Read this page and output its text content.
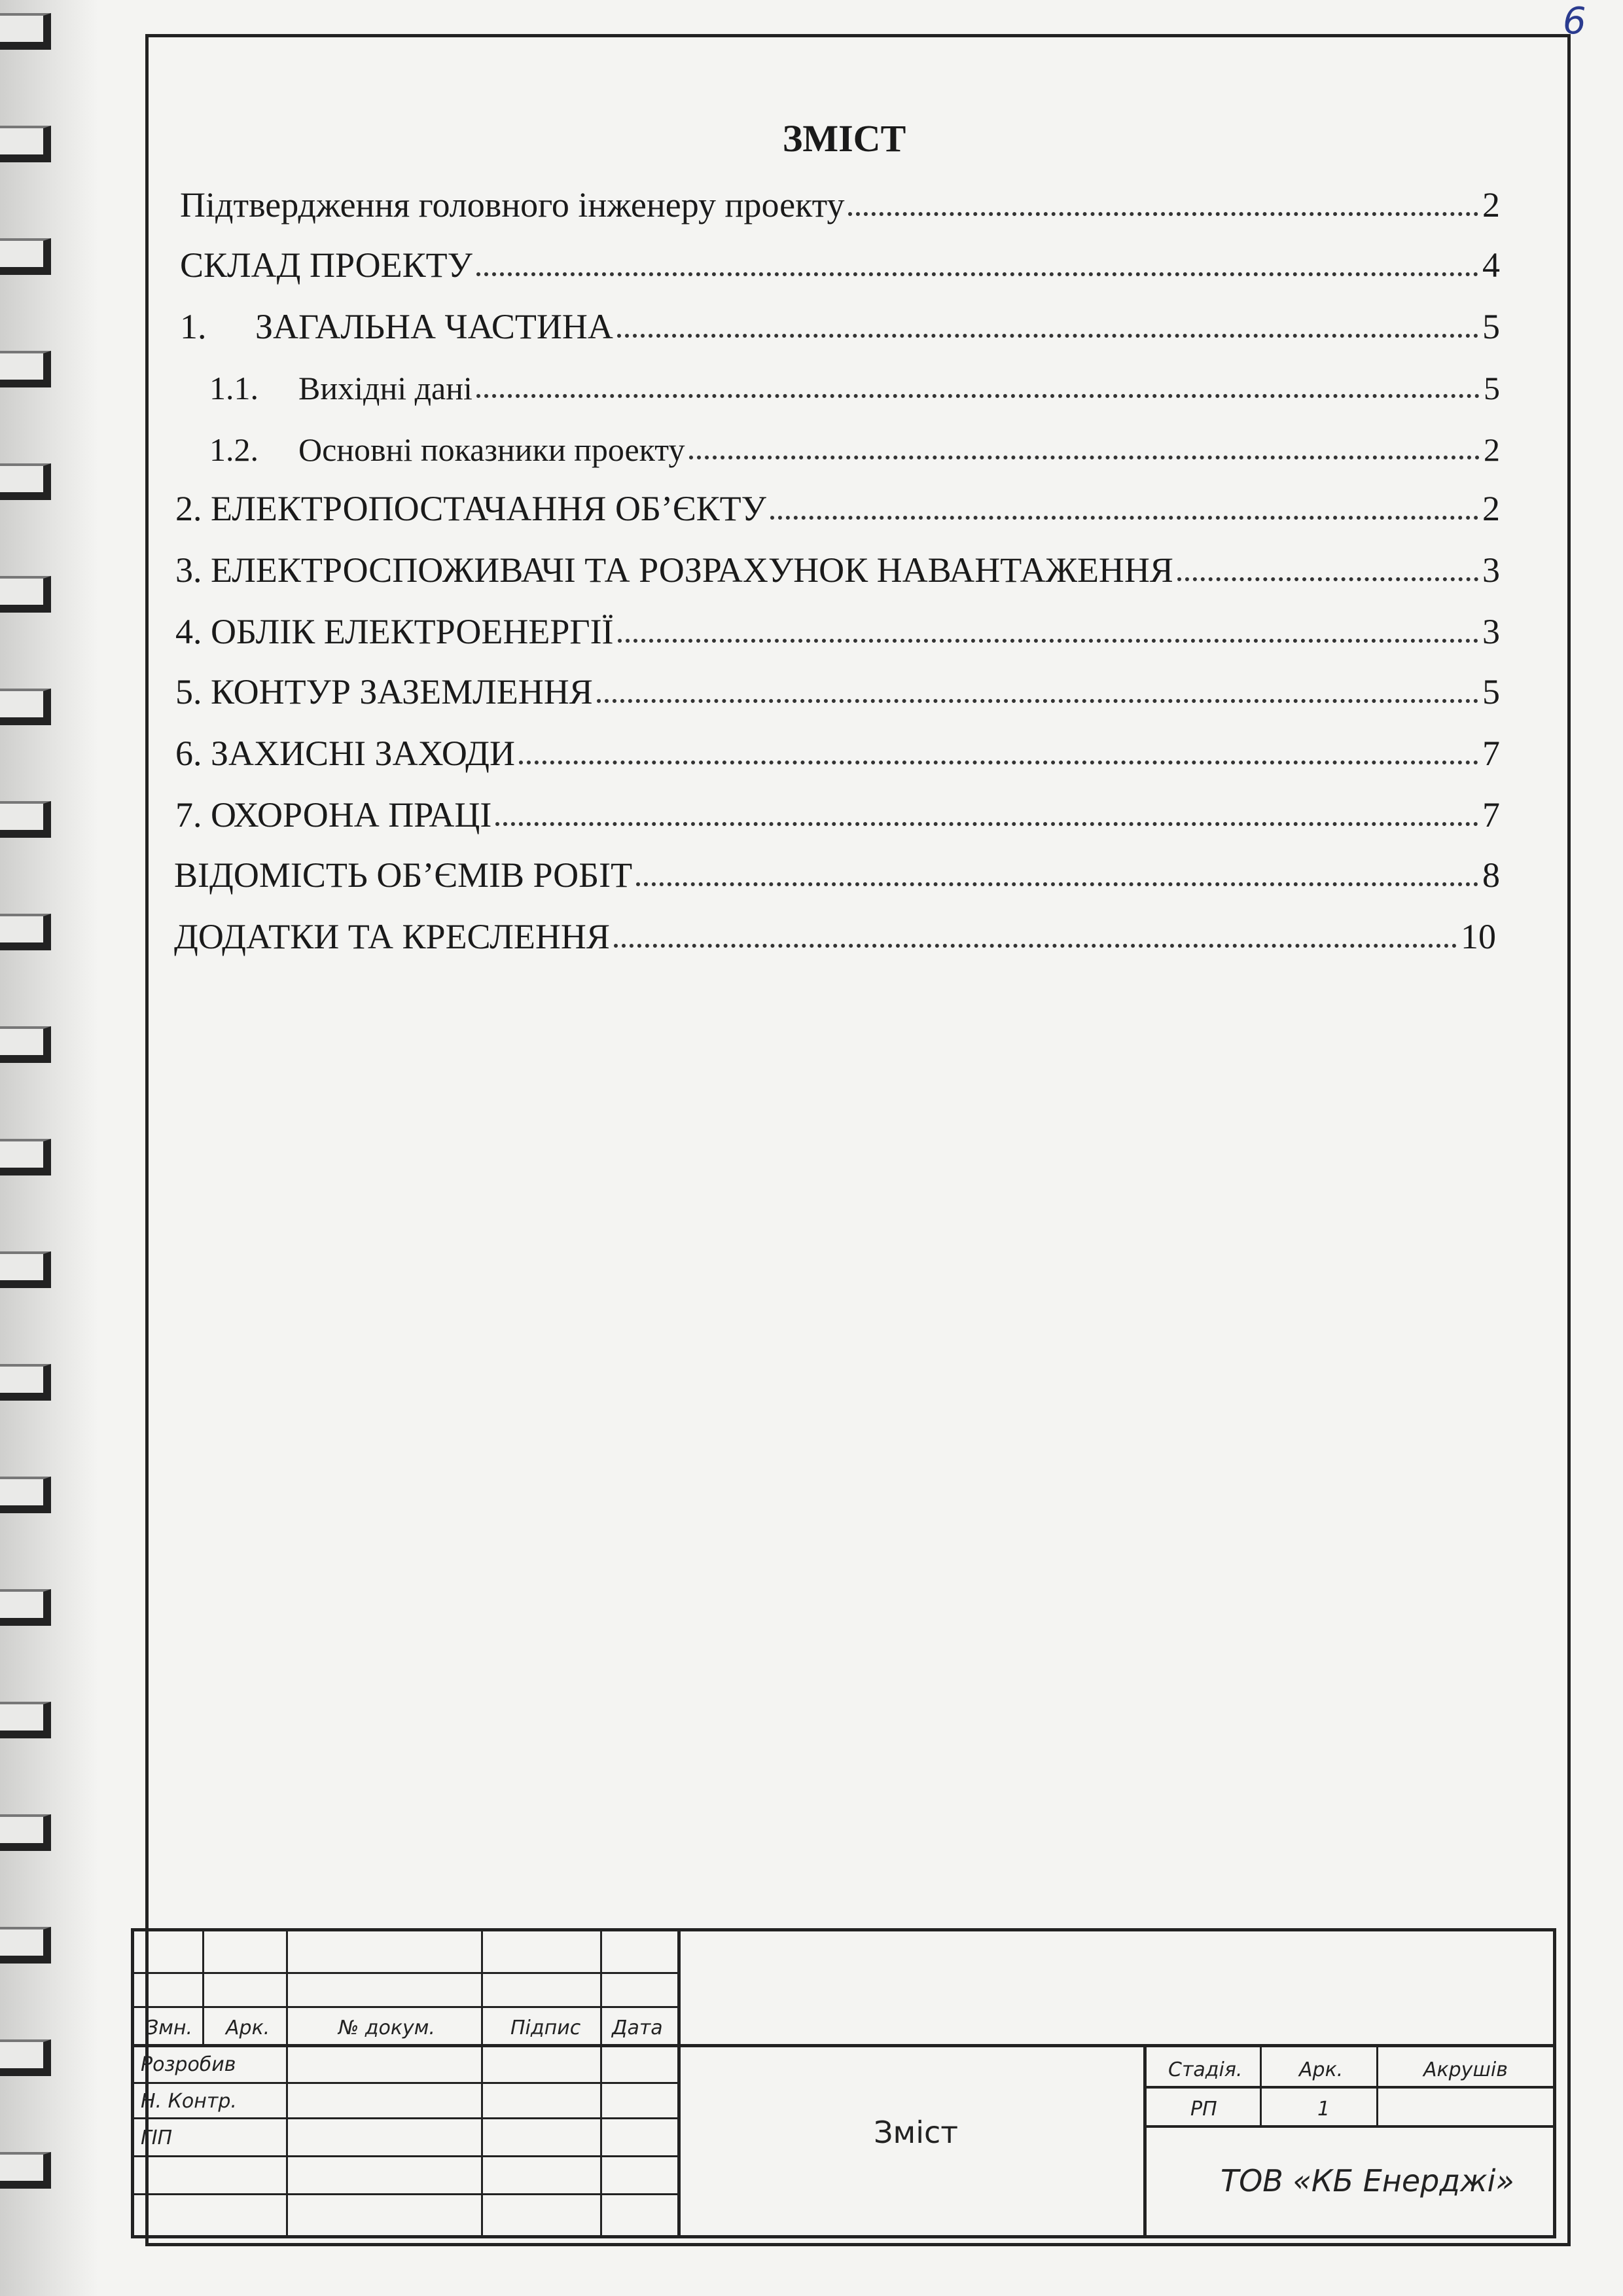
6
ЗМІСТ
Підтвердження головного інженеру проекту	2
СКЛАД ПРОЕКТУ	4
1.	ЗАГАЛЬНА ЧАСТИНА	5
1.1.	Вихідні дані	5
1.2.	Основні показники проекту	2
2. ЕЛЕКТРОПОСТАЧАННЯ ОБ’ЄКТУ	2
3. ЕЛЕКТРОСПОЖИВАЧІ ТА РОЗРАХУНОК НАВАНТАЖЕННЯ	3
4. ОБЛІК ЕЛЕКТРОЕНЕРГІЇ	3
5. КОНТУР ЗАЗЕМЛЕННЯ	5
6. ЗАХИСНІ ЗАХОДИ	7
7. ОХОРОНА ПРАЦІ	7
ВІДОМІСТЬ ОБ’ЄМІВ РОБІТ	8
ДОДАТКИ ТА КРЕСЛЕННЯ	10
Змн. Арк.	№ докум.	Підпис Дата
Розробив
Н. Контр.
ГІП	Зміст
Стадія.	Арк.	Акрушів
РП	1
ТОВ «КБ Енерджі»
